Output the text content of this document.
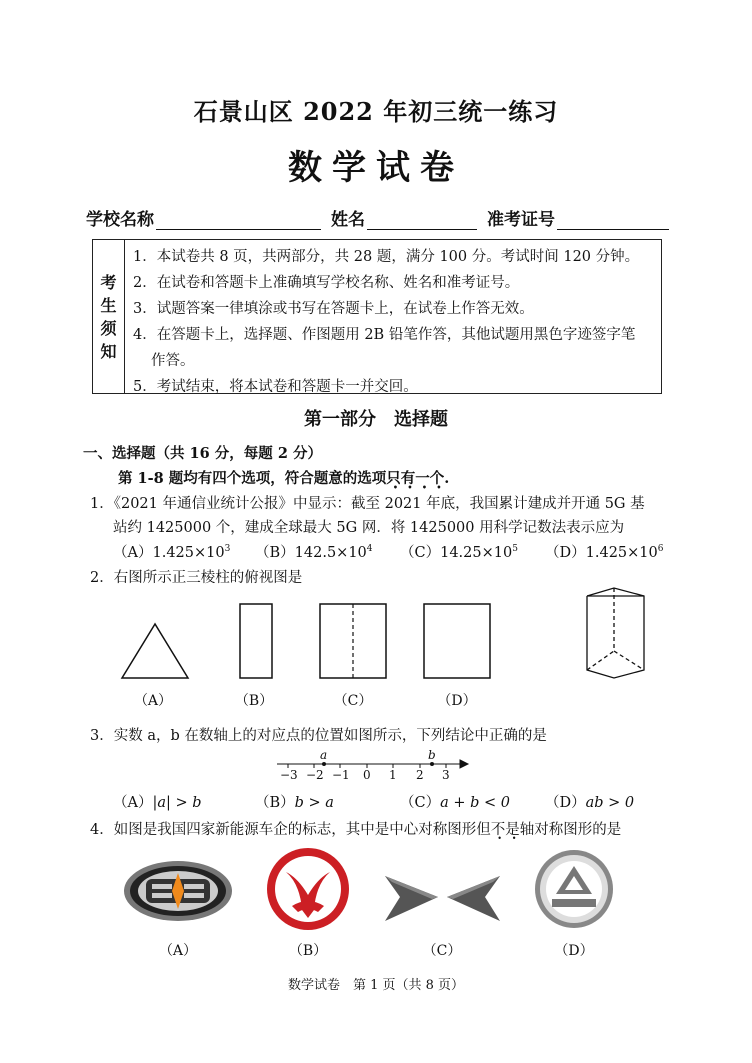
石景山区 2022 年初三统一练习
数学试卷
学校名称	姓名	准考证号
考
生
须
知
1．本试卷共 8 页，共两部分，共 28 题，满分 100 分。考试时间 120 分钟。
2．在试卷和答题卡上准确填写学校名称、姓名和准考证号。
3．试题答案一律填涂或书写在答题卡上，在试卷上作答无效。
4．在答题卡上，选择题、作图题用 2B 铅笔作答，其他试题用黑色字迹签字笔
作答。
5．考试结束，将本试卷和答题卡一并交回。
第一部分　选择题
一、选择题（共 16 分，每题 2 分）
第 1-8 题均有四个选项，符合题意的选项只有一个.
1．《2021 年通信业统计公报》中显示：截至 2021 年底，我国累计建成并开通 5G 基
站约 1425000 个，建成全球最大 5G 网．将 1425000 用科学记数法表示应为
$(A)1.425\times 10^3$ $(B)142.5\times 10^4$ $(C)14.25\times 10^5$ $(D)1.425\times 10^6$
2．右图所示正三棱柱的俯视图是
（A）	（B）	（C）	（D）
3．实数 a，b 在数轴上的对应点的位置如图所示，下列结论中正确的是
a	b
−3 −2 −1 0 1 2 3
（A）|a| > b	（B）b > a	（C）a + b < 0 （D）ab > 0
4．如图是我国四家新能源车企的标志，其中是中心对称图形但不是轴对称图形的是
（A）	（B）	（C）	（D）
数学试卷　第 1 页（共 8 页）
